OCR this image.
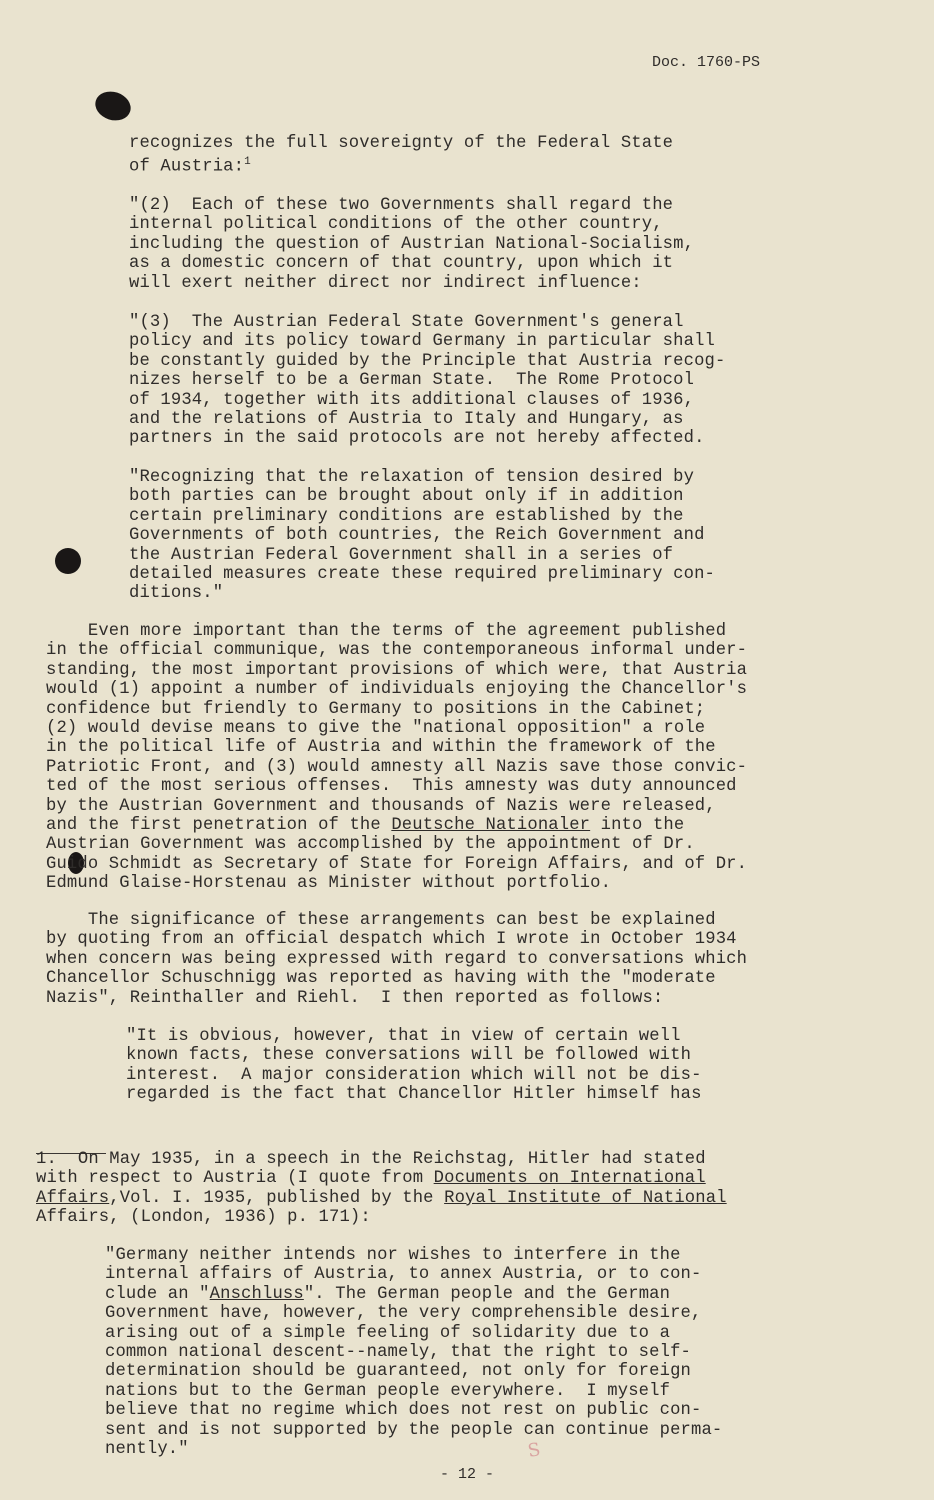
Doc. 1760-PS
recognizes the full sovereignty of the Federal State
of Austria:$^1$
"(2)  Each of these two Governments shall regard the
internal political conditions of the other country,
including the question of Austrian National-Socialism,
as a domestic concern of that country, upon which it
will exert neither direct nor indirect influence:
"(3)  The Austrian Federal State Government's general
policy and its policy toward Germany in particular shall
be constantly guided by the Principle that Austria recog-
nizes herself to be a German State.  The Rome Protocol
of 1934, together with its additional clauses of 1936,
and the relations of Austria to Italy and Hungary, as
partners in the said protocols are not hereby affected.
"Recognizing that the relaxation of tension desired by
both parties can be brought about only if in addition
certain preliminary conditions are established by the
Governments of both countries, the Reich Government and
the Austrian Federal Government shall in a series of
detailed measures create these required preliminary con-
ditions."
Even more important than the terms of the agreement published
in the official communique, was the contemporaneous informal under-
standing, the most important provisions of which were, that Austria
would (1) appoint a number of individuals enjoying the Chancellor's
confidence but friendly to Germany to positions in the Cabinet;
(2) would devise means to give the "national opposition" a role
in the political life of Austria and within the framework of the
Patriotic Front, and (3) would amnesty all Nazis save those convic-
ted of the most serious offenses.  This amnesty was duty announced
by the Austrian Government and thousands of Nazis were released,
and the first penetration of the Deutsche Nationaler into the
Austrian Government was accomplished by the appointment of Dr.
Guido Schmidt as Secretary of State for Foreign Affairs, and of Dr.
Edmund Glaise-Horstenau as Minister without portfolio.
The significance of these arrangements can best be explained
by quoting from an official despatch which I wrote in October 1934
when concern was being expressed with regard to conversations which
Chancellor Schuschnigg was reported as having with the "moderate
Nazis", Reinthaller and Riehl.  I then reported as follows:
"It is obvious, however, that in view of certain well
known facts, these conversations will be followed with
interest.  A major consideration which will not be dis-
regarded is the fact that Chancellor Hitler himself has
1.  On May 1935, in a speech in the Reichstag, Hitler had stated
with respect to Austria (I quote from Documents on International
Affairs,Vol. I. 1935, published by the Royal Institute of National
Affairs, (London, 1936) p. 171):
"Germany neither intends nor wishes to interfere in the
internal affairs of Austria, to annex Austria, or to con-
clude an "Anschluss". The German people and the German
Government have, however, the very comprehensible desire,
arising out of a simple feeling of solidarity due to a
common national descent--namely, that the right to self-
determination should be guaranteed, not only for foreign
nations but to the German people everywhere.  I myself
believe that no regime which does not rest on public con-
sent and is not supported by the people can continue perma-
nently."	S
- 12 -
